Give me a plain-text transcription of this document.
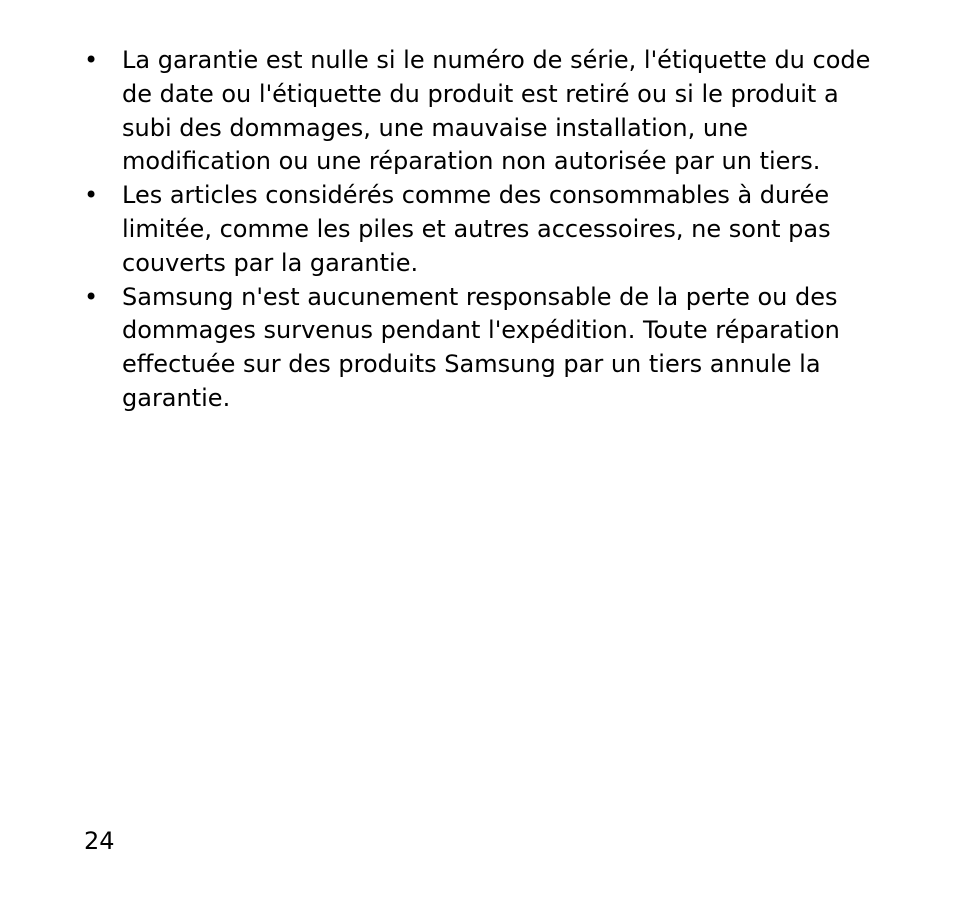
• La garantie est nulle si le numéro de série, l'étiquette du code de date ou l'étiquette du produit est retiré ou si le produit a subi des dommages, une mauvaise installation, une modification ou une réparation non autorisée par un tiers.
• Les articles considérés comme des consommables à durée limitée, comme les piles et autres accessoires, ne sont pas couverts par la garantie.
• Samsung n'est aucunement responsable de la perte ou des dommages survenus pendant l'expédition. Toute réparation effectuée sur des produits Samsung par un tiers annule la garantie.
24
